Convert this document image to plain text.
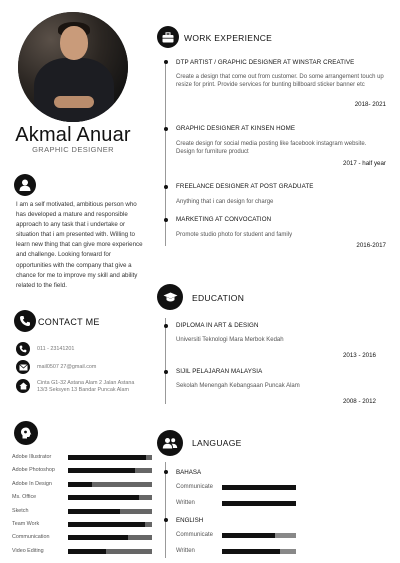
Akmal Anuar
GRAPHIC DESIGNER
I am a self motivated, ambitious person who has developed a mature and responsible approach to any task that i undertake or situation that i am presented with. Willing to learn new thing that can give more experience and challenge. Looking forward for opportunities with the company that give a chance for me to improve my skill and ability related to the field.
CONTACT ME
011 - 23141201
mail0507 27@gmail.com
Cinta G1-32 Astana Alam 2 Jalan Astana
13/3 Seksyen 13 Bandar Puncak Alam
Adobe Illustrator
Adobe Photoshop
Adobe In Design
Ms. Office
Sketch
Team Work
Communication
Video Editing
WORK EXPERIENCE
DTP ARTIST / GRAPHIC DESIGNER AT WINSTAR CREATIVE
Create a design that come out from customer. Do some arrangement touch up resize for print. Provide services for bunting billboard sticker banner etc
2018- 2021
GRAPHIC DESIGNER AT KINSEN HOME
Create design for social media posting like facebook instagram website. Design for furniture product
2017 - half year
FREELANCE DESIGNER AT POST GRADUATE
Anything that i can design for charge
MARKETING AT CONVOCATION
Promote studio photo for student and family
2016-2017
EDUCATION
DIPLOMA IN ART & DESIGN
Universiti Teknologi Mara Merbok Kedah
2013 - 2016
SIJIL PELAJARAN MALAYSIA
Sekolah Menengah Kebangsaan Puncak Alam
2008 - 2012
LANGUAGE
BAHASA
Communicate
Written
ENGLISH
Communicate
Written
